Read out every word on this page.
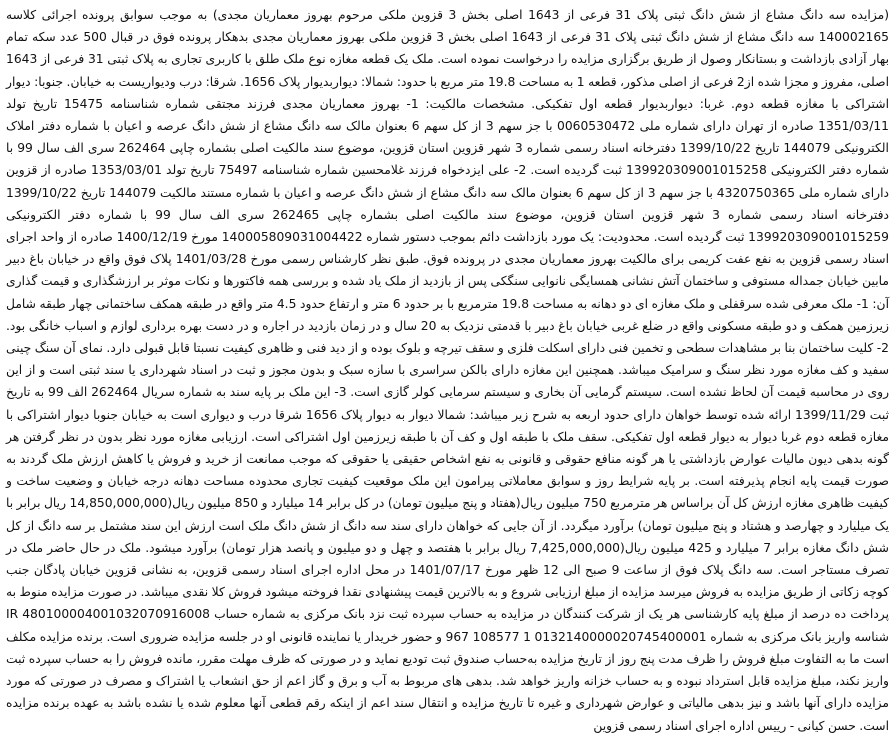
(مزایده سه دانگ مشاع از شش دانگ ثبتی پلاک 31 فرعی از 1643 اصلی بخش 3 قزوین ملکی مرحوم بهروز معماریان مجدی) به موجب سوابق پرونده اجرائی کلاسه 140002165 سه دانگ مشاع از شش دانگ ثبتی پلاک 31 فرعی از 1643 اصلی بخش 3 قزوین ملکی بهروز معماریان مجدی بدهکار پرونده فوق در قبال 500 عدد سکه تمام بهار آزادی بازداشت و بستانکار وصول از طریق برگزاری مزایده را درخواست نموده است. ملک یک قطعه مغازه نوع ملک طلق با کاربری تجاری به پلاک ثبتی 31 فرعی از 1643 اصلی، مفروز و مجزا شده از2 فرعی از اصلی مذکور، قطعه 1 به مساحت 19.8 متر مربع با حدود: شمالا: دیواربدیوار پلاک 1656. شرقا: درب ودیواریست به خیابان. جنوبا: دیوار اشتراکی با مغازه قطعه دوم. غربا: دیواربدیوار قطعه اول تفکیکی. مشخصات مالکیت: 1- بهروز معماریان مجدی فرزند مجتقی شماره شناسنامه 15475 تاریخ تولد 1351/03/11 صادره از تهران دارای شماره ملی 0060530472 با جز سهم 3 از کل سهم 6 بعنوان مالک سه دانگ مشاع از شش دانگ عرصه و اعیان با شماره دفتر املاک الکترونیکی 144079 تاریخ 1399/10/22 دفترخانه اسناد رسمی شماره 3 شهر قزوین استان قزوین، موضوع سند مالکیت اصلی بشماره چاپی 262464 سری الف سال 99 با شماره دفتر الکترونیکی 139920309001015258 ثبت گردیده است. 2- علی ایزدخواه فرزند غلامحسین شماره شناسنامه 75497 تاریخ تولد 1353/03/01 صادره از قزوین دارای شماره ملی 4320750365 با جز سهم 3 از کل سهم 6 بعنوان مالک سه دانگ مشاع از شش دانگ عرصه و اعیان با شماره مستند مالکیت 144079 تاریخ 1399/10/22 دفترخانه اسناد رسمی شماره 3 شهر قزوین استان قزوین، موضوع سند مالکیت اصلی بشماره چاپی 262465 سری الف سال 99 با شماره دفتر الکترونیکی 139920309001015259 ثبت گردیده است. محدودیت: یک مورد بازداشت دائم بموجب دستور شماره 140005809031004422 مورخ 1400/12/19 صادره از واحد اجرای اسناد رسمی قزوین به نفع عفت کریمی برای مالکیت بهروز معماریان مجدی در پرونده فوق. طبق نظر کارشناس رسمی مورخ 1401/03/28 پلاک فوق واقع در خیابان باغ دبیر مابین خیابان جمداله مستوفی و ساختمان آتش نشانی همسایگی نانوایی سنگکی پس از بازدید از ملک یاد شده و بررسی همه فاکتورها و نکات موثر بر ارزشگذاری و قیمت گذاری آن: 1- ملک معرفی شده سرقفلی و ملک مغازه ای دو دهانه به مساحت 19.8 مترمربع با بر حدود 6 متر و ارتفاع حدود 4.5 متر واقع در طبقه همکف ساختمانی چهار طبقه شامل زیرزمین همکف و دو طبقه مسکونی واقع در ضلع غربی خیابان باغ دبیر با قدمتی نزدیک به 20 سال و در زمان بازدید در اجاره و در دست بهره برداری لوازم و اسباب خانگی بود. 2- کلیت ساختمان بنا بر مشاهدات سطحی و تخمین فنی دارای اسکلت فلزی و سقف تیرچه و بلوک بوده و از دید فنی و ظاهری کیفیت نسبتا قابل قبولی دارد. نمای آن سنگ چینی سفید و کف مغازه مورد نظر سنگ و سرامیک میباشد. همچنین این مغازه دارای بالکن سراسری با سازه سبک و بدون مجوز و ثبت در اسناد شهرداری یا سند ثبتی است و از این روی در محاسبه قیمت آن لحاظ نشده است. سیستم گرمایی آن بخاری و سیستم سرمایی کولر گازی است. 3- این ملک بر پایه سند به شماره سریال 262464 الف 99 به تاریخ ثبت 1399/11/29 ارائه شده توسط خواهان دارای حدود اربعه به شرح زیر میباشد: شمالا دیوار به دیوار پلاک 1656 شرقا درب و دیواری است به خیابان جنوبا دیوار اشتراکی با مغازه قطعه دوم غربا دیوار به دیوار قطعه اول تفکیکی. سقف ملک با طبقه اول و کف آن با طبقه زیرزمین اول اشتراکی است. ارزیابی مغازه مورد نظر بدون در نظر گرفتن هر گونه بدهی دیون مالیات عوارض بازداشتی یا هر گونه منافع حقوقی و قانونی به نفع اشخاص حقیقی یا حقوقی که موجب ممانعت از خرید و فروش یا کاهش ارزش ملک گردند به صورت قیمت پایه انجام پذیرفته است. بر پایه شرایط روز و سوابق معاملاتی پیرامون این ملک موقعیت کیفیت تجاری محدوده مساحت دهانه درجه خیابان و وضعیت ساخت و کیفیت ظاهری مغازه ارزش کل آن براساس هر مترمربع 750 میلیون ریال(هفتاد و پنج میلیون تومان) در کل برابر 14 میلیارد و 850 میلیون ریال(14,850,000,000 ریال برابر با یک میلیارد و چهارصد و هشتاد و پنج میلیون تومان) برآورد میگردد. از آن جایی که خواهان دارای سند سه دانگ از شش دانگ ملک است ارزش این سند مشتمل بر سه دانگ از کل شش دانگ مغازه برابر 7 میلیارد و 425 میلیون ریال(7,425,000,000 ریال برابر با هفتصد و چهل و دو میلیون و پانصد هزار تومان) برآورد میشود. ملک در حال حاضر ملک در تصرف مستاجر است. سه دانگ پلاک فوق از ساعت 9 صبح الی 12 ظهر مورخ 1401/07/17 در محل اداره اجرای اسناد رسمی قزوین، به نشانی قزوین خیابان پادگان جنب کوچه زکاتی از طریق مزایده به فروش میرسد مزایده از مبلغ ارزیابی شروع و به بالاترین قیمت پیشنهادی نقدا فروخته میشود فروش کلا نقدی میباشد. در صورت مزایده منوط به پرداخت ده درصد از مبلغ پایه کارشناسی هر یک از شرکت کنندگان در مزایده به حساب سپرده ثبت نزد بانک مرکزی به شماره حساب IR 480100004001032070916008 شناسه واریز بانک مرکزی به شماره 0132140000020745400001 1 108577 967 و حضور خریدار یا نماینده قانونی او در جلسه مزایده ضروری است. برنده مزایده مکلف است ما به التفاوت مبلغ فروش را ظرف مدت پنج روز از تاریخ مزایده به‌حساب صندوق ثبت تودیع نماید و در صورتی که ظرف مهلت مقرر، مانده فروش را به حساب سپرده ثبت واریز نکند، مبلغ مزایده قابل استرداد نبوده و به حساب خزانه واریز خواهد شد. بدهی های مربوط به آب و برق و گاز اعم از حق انشعاب یا اشتراک و مصرف در صورتی که مورد مزایده دارای آنها باشد و نیز بدهی مالیاتی و عوارض شهرداری و غیره تا تاریخ مزایده و انتقال سند اعم از اینکه رقم قطعی آنها معلوم شده یا نشده باشد به عهده برنده مزایده است. حسن کیانی - رییس اداره اجرای اسناد رسمی قزوین
